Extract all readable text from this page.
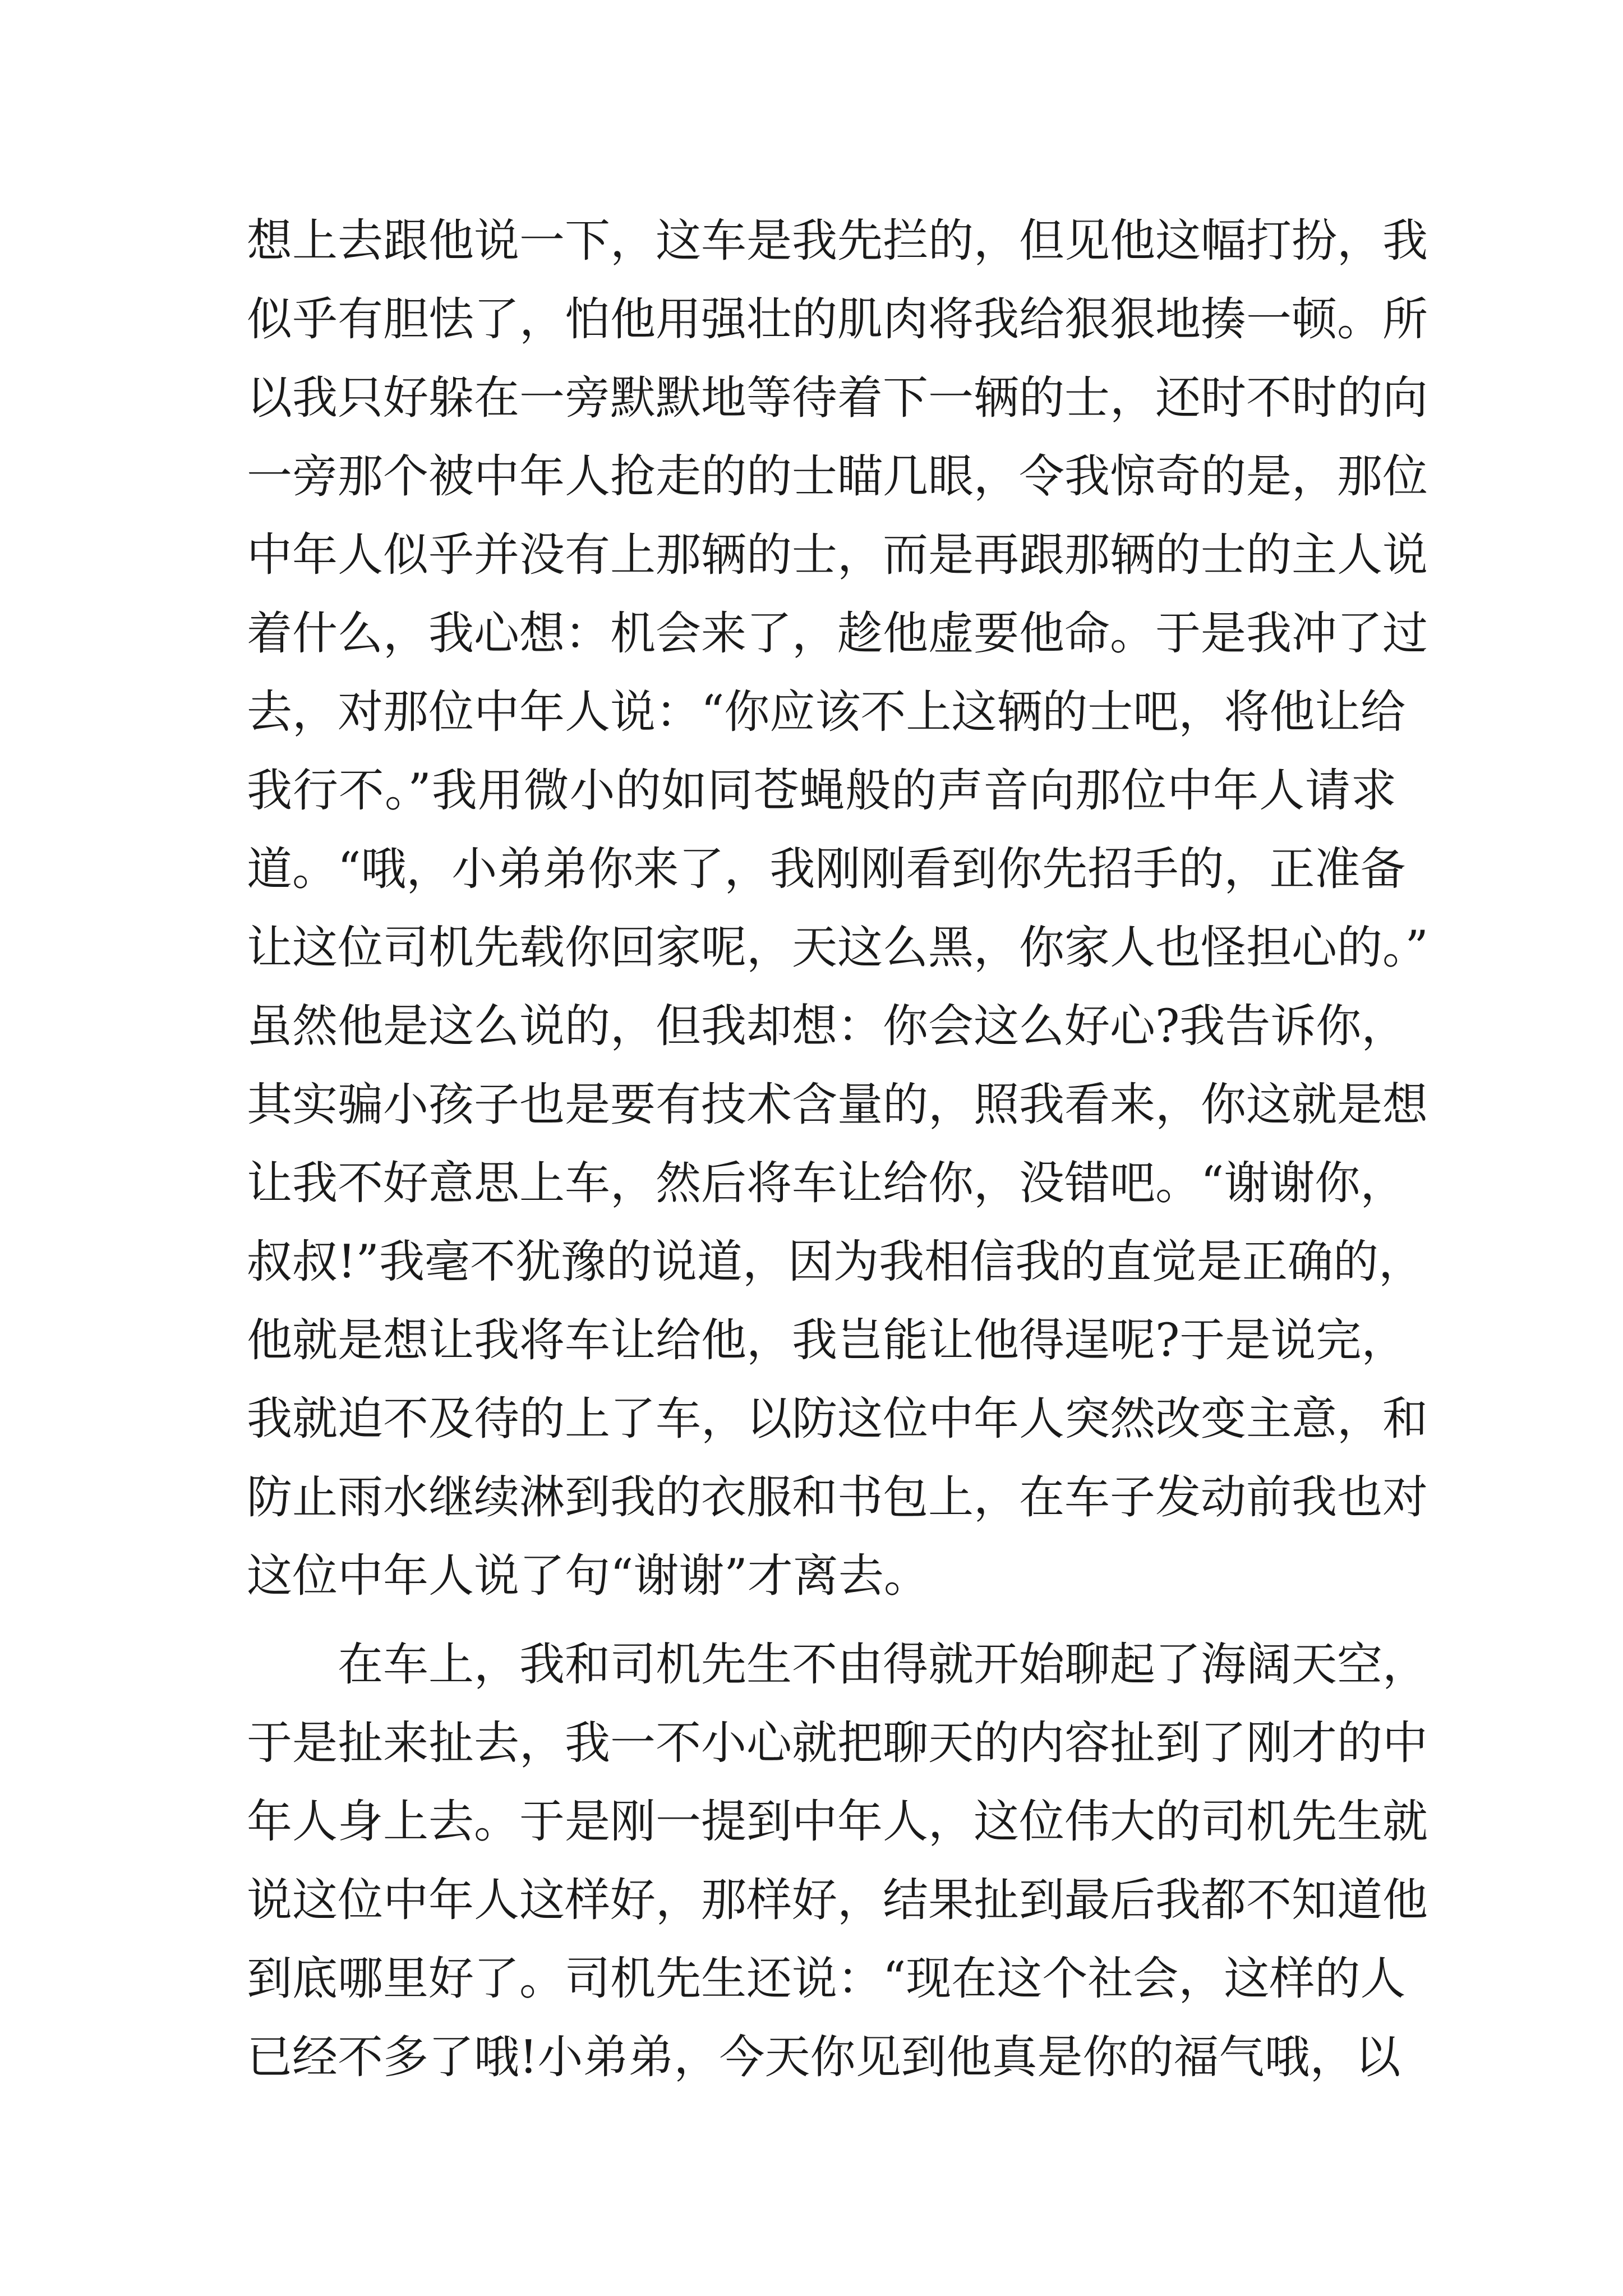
想上去跟他说一下，这车是我先拦的，但见他这幅打扮，我
似乎有胆怯了，怕他用强壮的肌肉将我给狠狠地揍一顿。所
以我只好躲在一旁默默地等待着下一辆的士，还时不时的向
一旁那个被中年人抢走的的士瞄几眼，令我惊奇的是，那位
中年人似乎并没有上那辆的士，而是再跟那辆的士的主人说
着什么，我心想：机会来了，趁他虚要他命。于是我冲了过
去，对那位中年人说：“你应该不上这辆的士吧，将他让给
我行不。”我用微小的如同苍蝇般的声音向那位中年人请求
道。“哦，小弟弟你来了，我刚刚看到你先招手的，正准备
让这位司机先载你回家呢，天这么黑，你家人也怪担心的。”
虽然他是这么说的，但我却想：你会这么好心?我告诉你，
其实骗小孩子也是要有技术含量的，照我看来，你这就是想
让我不好意思上车，然后将车让给你，没错吧。“谢谢你，
叔叔!”我毫不犹豫的说道，因为我相信我的直觉是正确的，
他就是想让我将车让给他，我岂能让他得逞呢?于是说完，
我就迫不及待的上了车，以防这位中年人突然改变主意，和
防止雨水继续淋到我的衣服和书包上，在车子发动前我也对
这位中年人说了句“谢谢”才离去。
在车上，我和司机先生不由得就开始聊起了海阔天空，
于是扯来扯去，我一不小心就把聊天的内容扯到了刚才的中
年人身上去。于是刚一提到中年人，这位伟大的司机先生就
说这位中年人这样好，那样好，结果扯到最后我都不知道他
到底哪里好了。司机先生还说：“现在这个社会，这样的人
已经不多了哦!小弟弟，今天你见到他真是你的福气哦，以
